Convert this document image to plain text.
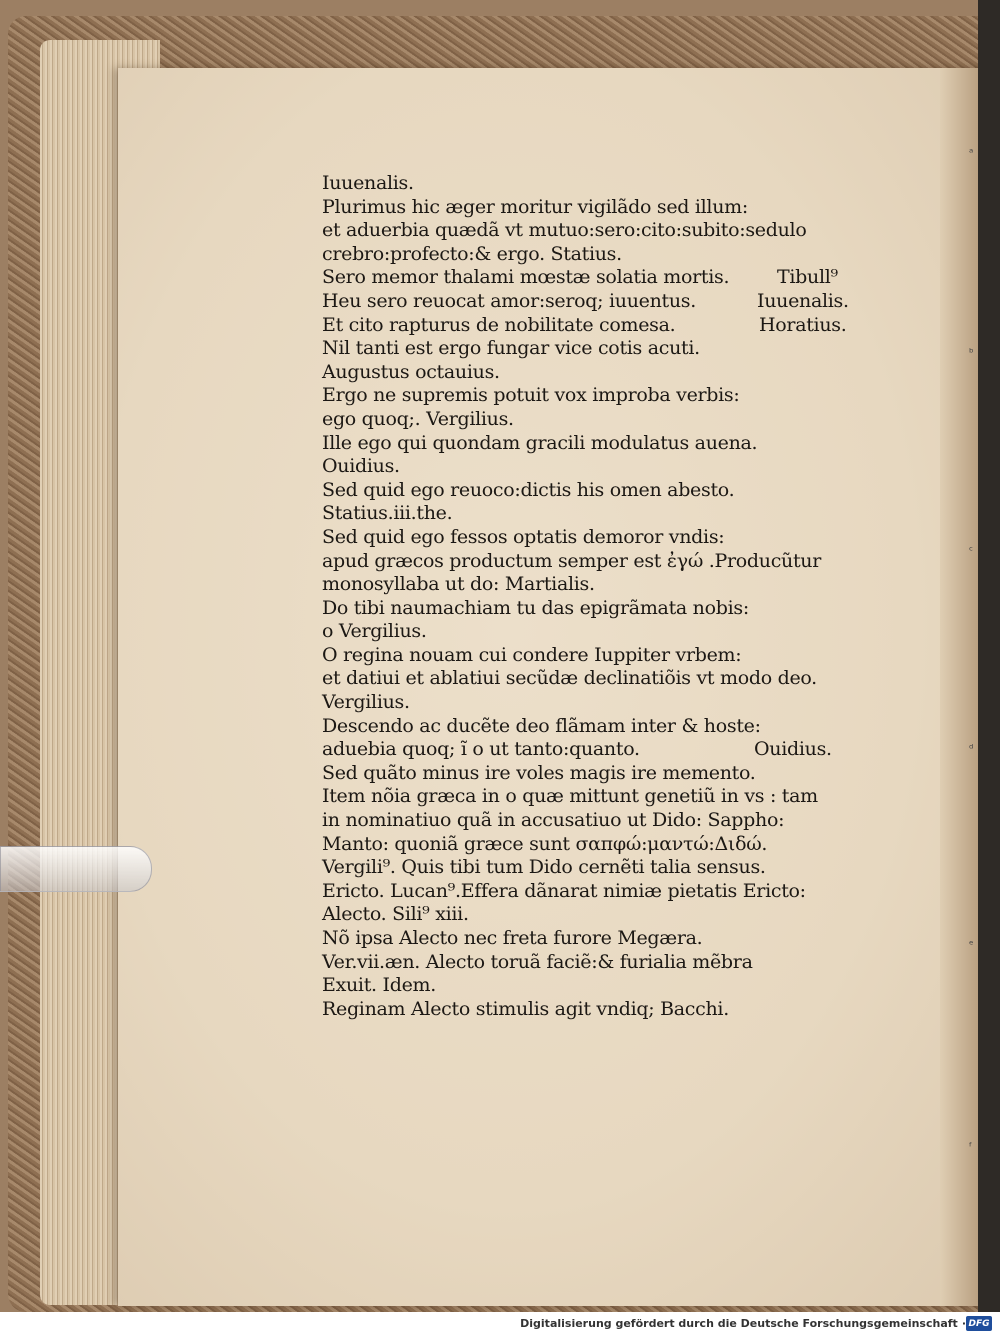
ᵃ
ᵇ
ᶜ
ᵈ
ᵉ
ᶠ
Iuuenalis.
Plurimus hic æger moritur vigilãdo sed illum:
et aduerbia quædã vt mutuo:sero:cito:subito:sedulo
crebro:profecto:& ergo. Statius.
Sero memor thalami mœstæ solatia mortis.	Tibull⁹
Heu sero reuocat amor:seroq; iuuentus.	Iuuenalis.
Et cito rapturus de nobilitate comesa.	Horatius.
Nil tanti est ergo fungar vice cotis acuti.
Augustus octauius.
Ergo ne supremis potuit vox improba verbis:
ego quoq;. Vergilius.
Ille ego qui quondam gracili modulatus auena.
Ouidius.
Sed quid ego reuoco:dictis his omen abesto.
Statius.iii.the.
Sed quid ego fessos optatis demoror vndis:
apud græcos productum semper est ἐγώ .Producũtur
monosyllaba ut do: Martialis.
Do tibi naumachiam tu das epigrãmata nobis:
o Vergilius.
O regina nouam cui condere Iuppiter vrbem:
et datiui et ablatiui secũdæ declinatiõis vt modo deo.
Vergilius.
Descendo ac ducẽte deo flãmam inter & hoste:
aduebia quoq; ĩ o ut tanto:quanto.	Ouidius.
Sed quãto minus ire voles magis ire memento.
Item nõia græca in o quæ mittunt genetiũ in vs : tam
in nominatiuo quã in accusatiuo ut Dido: Sappho:
Manto: quoniã græce sunt σαπφώ:μαντώ:Διδώ.
Vergili⁹. Quis tibi tum Dido cernẽti talia sensus.
Ericto. Lucan⁹.Effera dãnarat nimiæ pietatis Ericto:
Alecto. Sili⁹ xiii.
Nõ ipsa Alecto nec freta furore Megæra.
Ver.vii.æn. Alecto toruã faciẽ:& furialia mẽbra
Exuit. Idem.
Reginam Alecto stimulis agit vndiq; Bacchi.
Digitalisierung gefördert durch die Deutsche Forschungsgemeinschaft · DFG
